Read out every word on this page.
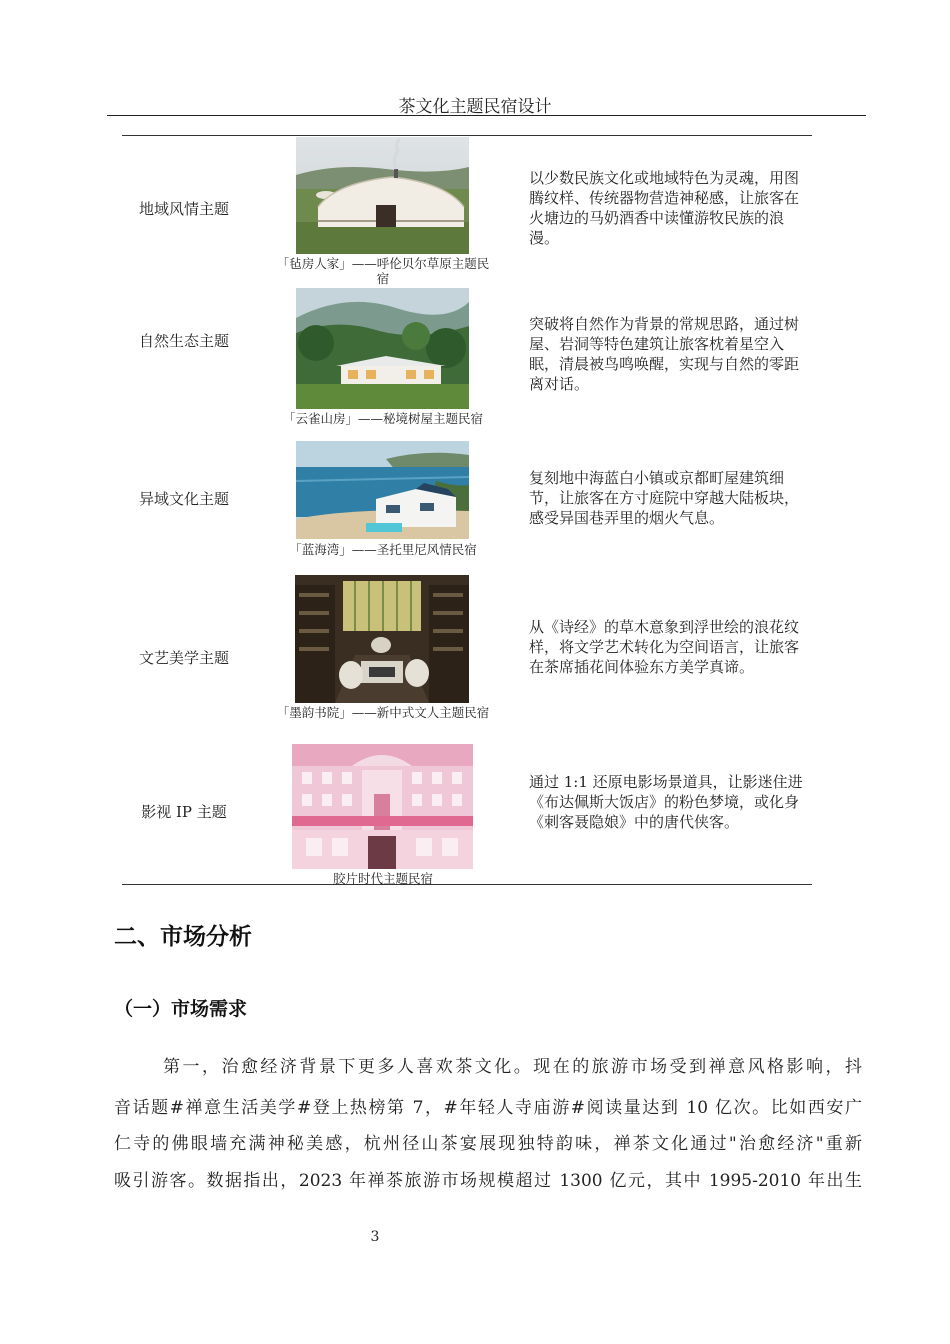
茶文化主题民宿设计
地域风情主题
「毡房人家」——呼伦贝尔草原主题民
宿
以少数民族文化或地域特色为灵魂，用图腾纹样、传统器物营造神秘感，让旅客在火塘边的马奶酒香中读懂游牧民族的浪漫。
自然生态主题
「云雀山房」——秘境树屋主题民宿
突破将自然作为背景的常规思路，通过树屋、岩洞等特色建筑让旅客枕着星空入眠，清晨被鸟鸣唤醒，实现与自然的零距离对话。
异域文化主题
「蓝海湾」——圣托里尼风情民宿
复刻地中海蓝白小镇或京都町屋建筑细节，让旅客在方寸庭院中穿越大陆板块，感受异国巷弄里的烟火气息。
文艺美学主题
「墨韵书院」——新中式文人主题民宿
从《诗经》的草木意象到浮世绘的浪花纹样，将文学艺术转化为空间语言，让旅客在茶席插花间体验东方美学真谛。
影视 IP 主题
胶片时代主题民宿
通过 1:1 还原电影场景道具，让影迷住进《布达佩斯大饭店》的粉色梦境，或化身《刺客聂隐娘》中的唐代侠客。
二、市场分析
（一）市场需求
第一，治愈经济背景下更多人喜欢茶文化。现在的旅游市场受到禅意风格影响，抖
音话题#禅意生活美学#登上热榜第 7，#年轻人寺庙游#阅读量达到 10 亿次。比如西安广
仁寺的佛眼墙充满神秘美感，杭州径山茶宴展现独特韵味，禅茶文化通过"治愈经济"重新
吸引游客。数据指出，2023 年禅茶旅游市场规模超过 1300 亿元，其中 1995-2010 年出生
3
